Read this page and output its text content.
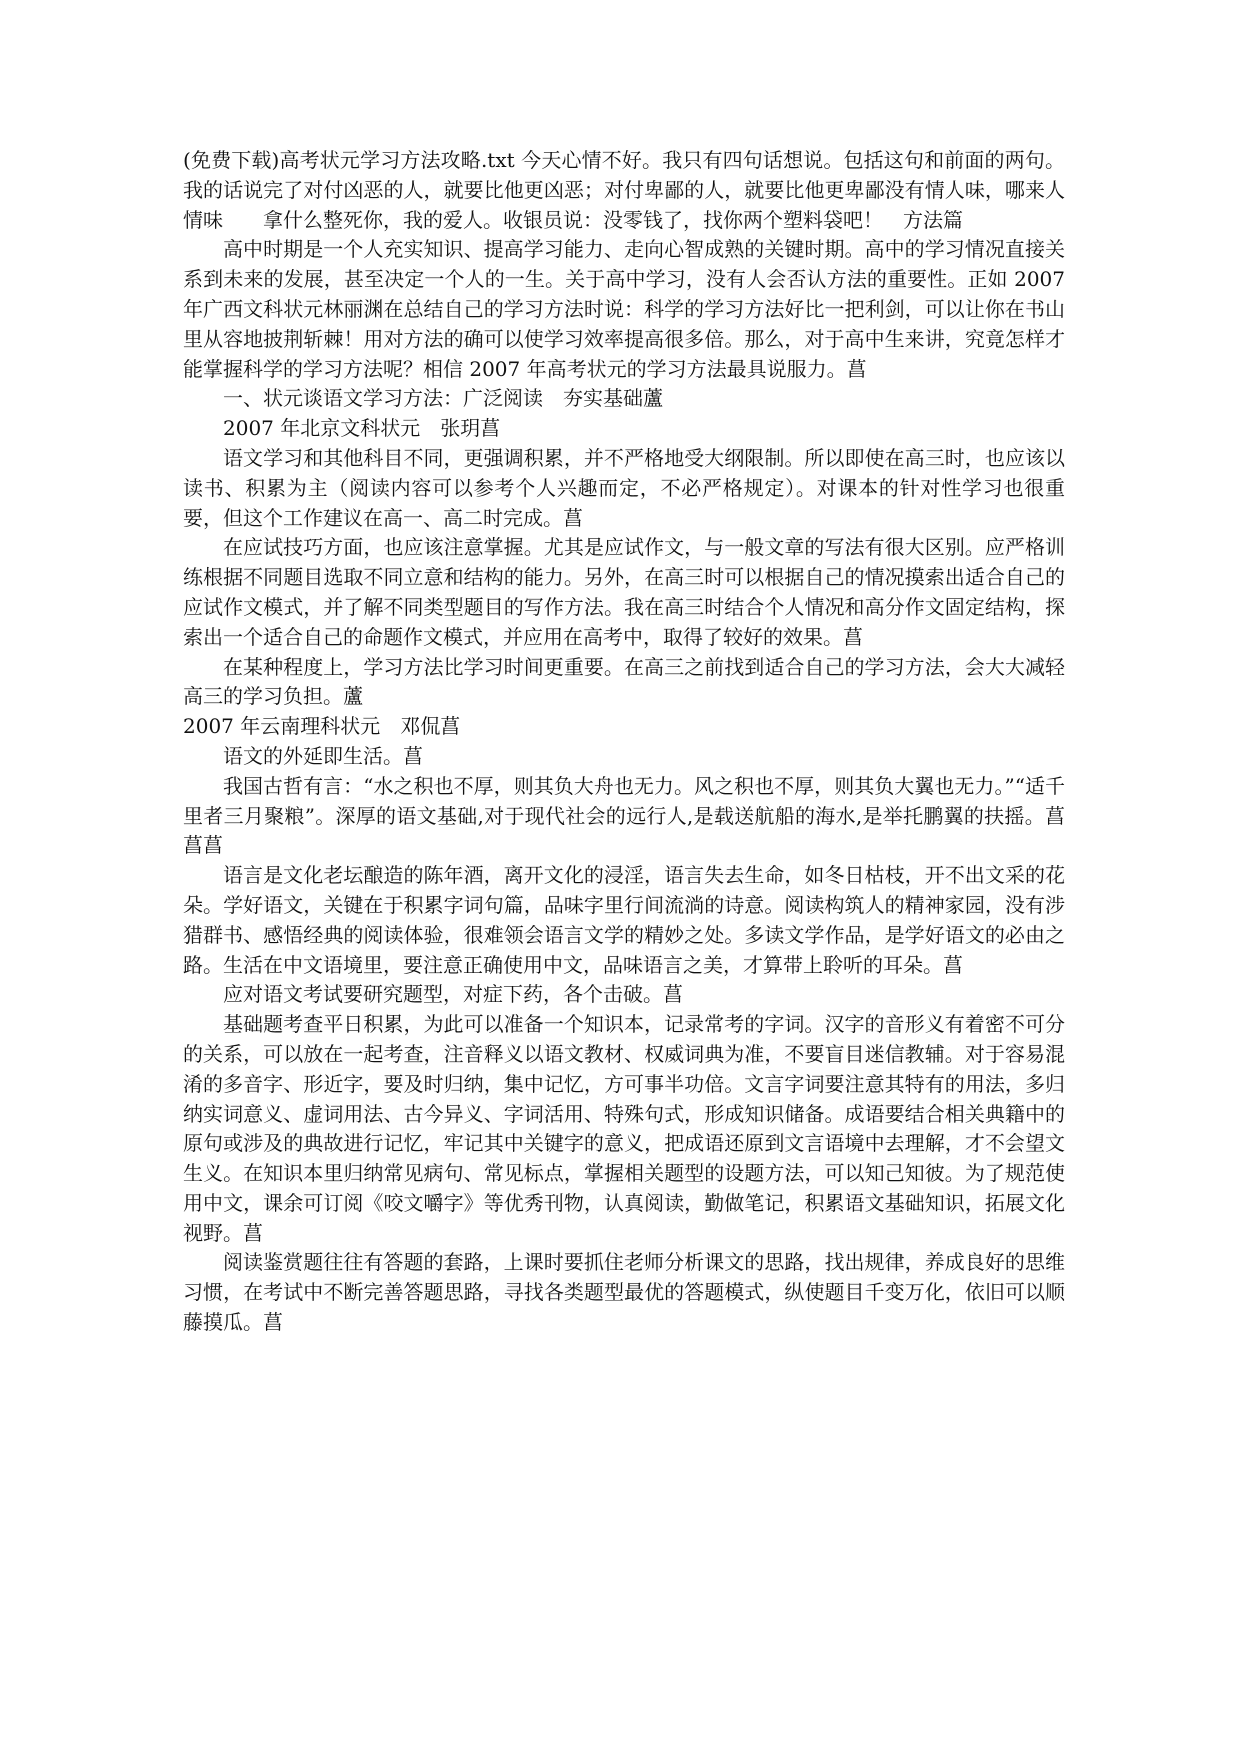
(免费下载)高考状元学习方法攻略.txt 今天心情不好。我只有四句话想说。包括这句和前面的两句。我的话说完了对付凶恶的人，就要比他更凶恶；对付卑鄙的人，就要比他更卑鄙没有情人味，哪来人情味　　拿什么整死你，我的爱人。收银员说：没零钱了，找你两个塑料袋吧！　方法篇

高中时期是一个人充实知识、提高学习能力、走向心智成熟的关键时期。高中的学习情况直接关系到未来的发展，甚至决定一个人的一生。关于高中学习，没有人会否认方法的重要性。正如 2007 年广西文科状元林丽渊在总结自己的学习方法时说：科学的学习方法好比一把利剑，可以让你在书山里从容地披荆斩棘！用对方法的确可以使学习效率提高很多倍。那么，对于高中生来讲，究竟怎样才能掌握科学的学习方法呢？相信 2007 年高考状元的学习方法最具说服力。菖

一、状元谈语文学习方法：广泛阅读　夯实基础蘆

2007 年北京文科状元　张玥菖

语文学习和其他科目不同，更强调积累，并不严格地受大纲限制。所以即使在高三时，也应该以读书、积累为主（阅读内容可以参考个人兴趣而定，不必严格规定）。对课本的针对性学习也很重要，但这个工作建议在高一、高二时完成。菖

在应试技巧方面，也应该注意掌握。尤其是应试作文，与一般文章的写法有很大区别。应严格训练根据不同题目选取不同立意和结构的能力。另外，在高三时可以根据自己的情况摸索出适合自己的应试作文模式，并了解不同类型题目的写作方法。我在高三时结合个人情况和高分作文固定结构，探索出一个适合自己的命题作文模式，并应用在高考中，取得了较好的效果。菖

在某种程度上，学习方法比学习时间更重要。在高三之前找到适合自己的学习方法，会大大减轻高三的学习负担。蘆

2007 年云南理科状元　邓侃菖

语文的外延即生活。菖

我国古哲有言：“水之积也不厚，则其负大舟也无力。风之积也不厚，则其负大翼也无力。”“适千里者三月聚粮”。深厚的语文基础,对于现代社会的远行人,是载送航船的海水,是举托鹏翼的扶摇。菖菖菖

语言是文化老坛酿造的陈年酒，离开文化的浸淫，语言失去生命，如冬日枯枝，开不出文采的花朵。学好语文，关键在于积累字词句篇，品味字里行间流淌的诗意。阅读构筑人的精神家园，没有涉猎群书、感悟经典的阅读体验，很难领会语言文学的精妙之处。多读文学作品，是学好语文的必由之路。生活在中文语境里，要注意正确使用中文，品味语言之美，才算带上聆听的耳朵。菖

应对语文考试要研究题型，对症下药，各个击破。菖

基础题考查平日积累，为此可以准备一个知识本，记录常考的字词。汉字的音形义有着密不可分的关系，可以放在一起考查，注音释义以语文教材、权威词典为准，不要盲目迷信教辅。对于容易混淆的多音字、形近字，要及时归纳，集中记忆，方可事半功倍。文言字词要注意其特有的用法，多归纳实词意义、虚词用法、古今异义、字词活用、特殊句式，形成知识储备。成语要结合相关典籍中的原句或涉及的典故进行记忆，牢记其中关键字的意义，把成语还原到文言语境中去理解，才不会望文生义。在知识本里归纳常见病句、常见标点，掌握相关题型的设题方法，可以知己知彼。为了规范使用中文，课余可订阅《咬文嚼字》等优秀刊物，认真阅读，勤做笔记，积累语文基础知识，拓展文化视野。菖

阅读鉴赏题往往有答题的套路，上课时要抓住老师分析课文的思路，找出规律，养成良好的思维习惯，在考试中不断完善答题思路，寻找各类题型最优的答题模式，纵使题目千变万化，依旧可以顺藤摸瓜。菖
